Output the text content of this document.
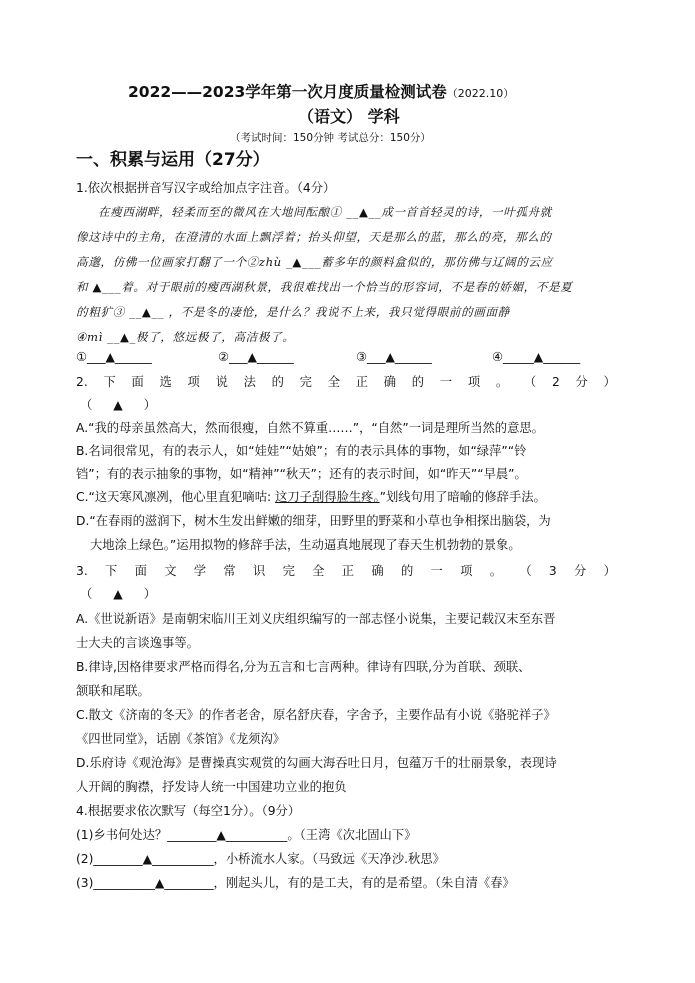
2022——2023学年第一次月度质量检测试卷（2022.10）
（语文） 学科
（考试时间：150分钟 考试总分：150分）
一、积累与运用（27分）
1.依次根据拼音写汉字或给加点字注音。（4分）
在瘦西湖畔，轻柔而至的微风在大地间酝酿① __▲__成一首首轻灵的诗，一叶孤舟就
像这诗中的主角，在澄清的水面上飘浮着；抬头仰望，天是那么的蓝，那么的亮，那么的
高邈，仿佛一位画家打翻了一个②zhù _▲___蓄多年的颜料盒似的，那仿佛与辽阔的云应
和 ▲___着。对于眼前的瘦西湖秋景，我很难找出一个恰当的形容词，不是春的娇媚，不是夏
的粗犷③ __▲__ ，不是冬的凄怆，是什么？我说不上来，我只觉得眼前的画面静
④mì __▲_极了，悠远极了，高洁极了。
①___▲______	②___▲______	③___▲______	④_____▲______
2. 下 面 选 项 说 法 的 完 全 正 确 的 一 项 。 （ 2 分 ）
（ ▲ ）
A.“我的母亲虽然高大，然而很瘦，自然不算重……”，“自然”一词是理所当然的意思。
B.名词很常见，有的表示人，如“娃娃”“姑娘”；有的表示具体的事物，如“绿萍”“铃
铛”；有的表示抽象的事物，如“精神”“秋天”；还有的表示时间，如“昨天”“早晨”。
C.“这天寒风凛冽，他心里直犯嘀咕: 这刀子刮得脸生疼。”划线句用了暗喻的修辞手法。
D.“在春雨的滋润下，树木生发出鲜嫩的细芽，田野里的野菜和小草也争相探出脑袋，为
大地涂上绿色。”运用拟物的修辞手法，生动逼真地展现了春天生机勃勃的景象。
3. 下 面 文 学 常 识 完 全 正 确 的 一 项 。 （ 3 分 ）
（ ▲ ）
A.《世说新语》是南朝宋临川王刘义庆组织编写的一部志怪小说集，主要记载汉末至东晋
士大夫的言谈逸事等。
B.律诗,因格律要求严格而得名,分为五言和七言两种。律诗有四联,分为首联、颈联、
颔联和尾联。
C.散文《济南的冬天》的作者老舍，原名舒庆春，字舍予，主要作品有小说《骆驼祥子》
《四世同堂》，话剧《茶馆》《龙须沟》
D.乐府诗《观沧海》是曹操真实观赏的勾画大海吞吐日月，包蕴万千的壮丽景象，表现诗
人开阔的胸襟，抒发诗人统一中国建功立业的抱负
4.根据要求依次默写（每空1分）。（9分）
(1)乡书何处达？________▲__________。（王湾《次北固山下》
(2)________▲__________，小桥流水人家。（马致远《天净沙.秋思》
(3)__________▲________，刚起头儿，有的是工夫，有的是希望。（朱自清《春》
